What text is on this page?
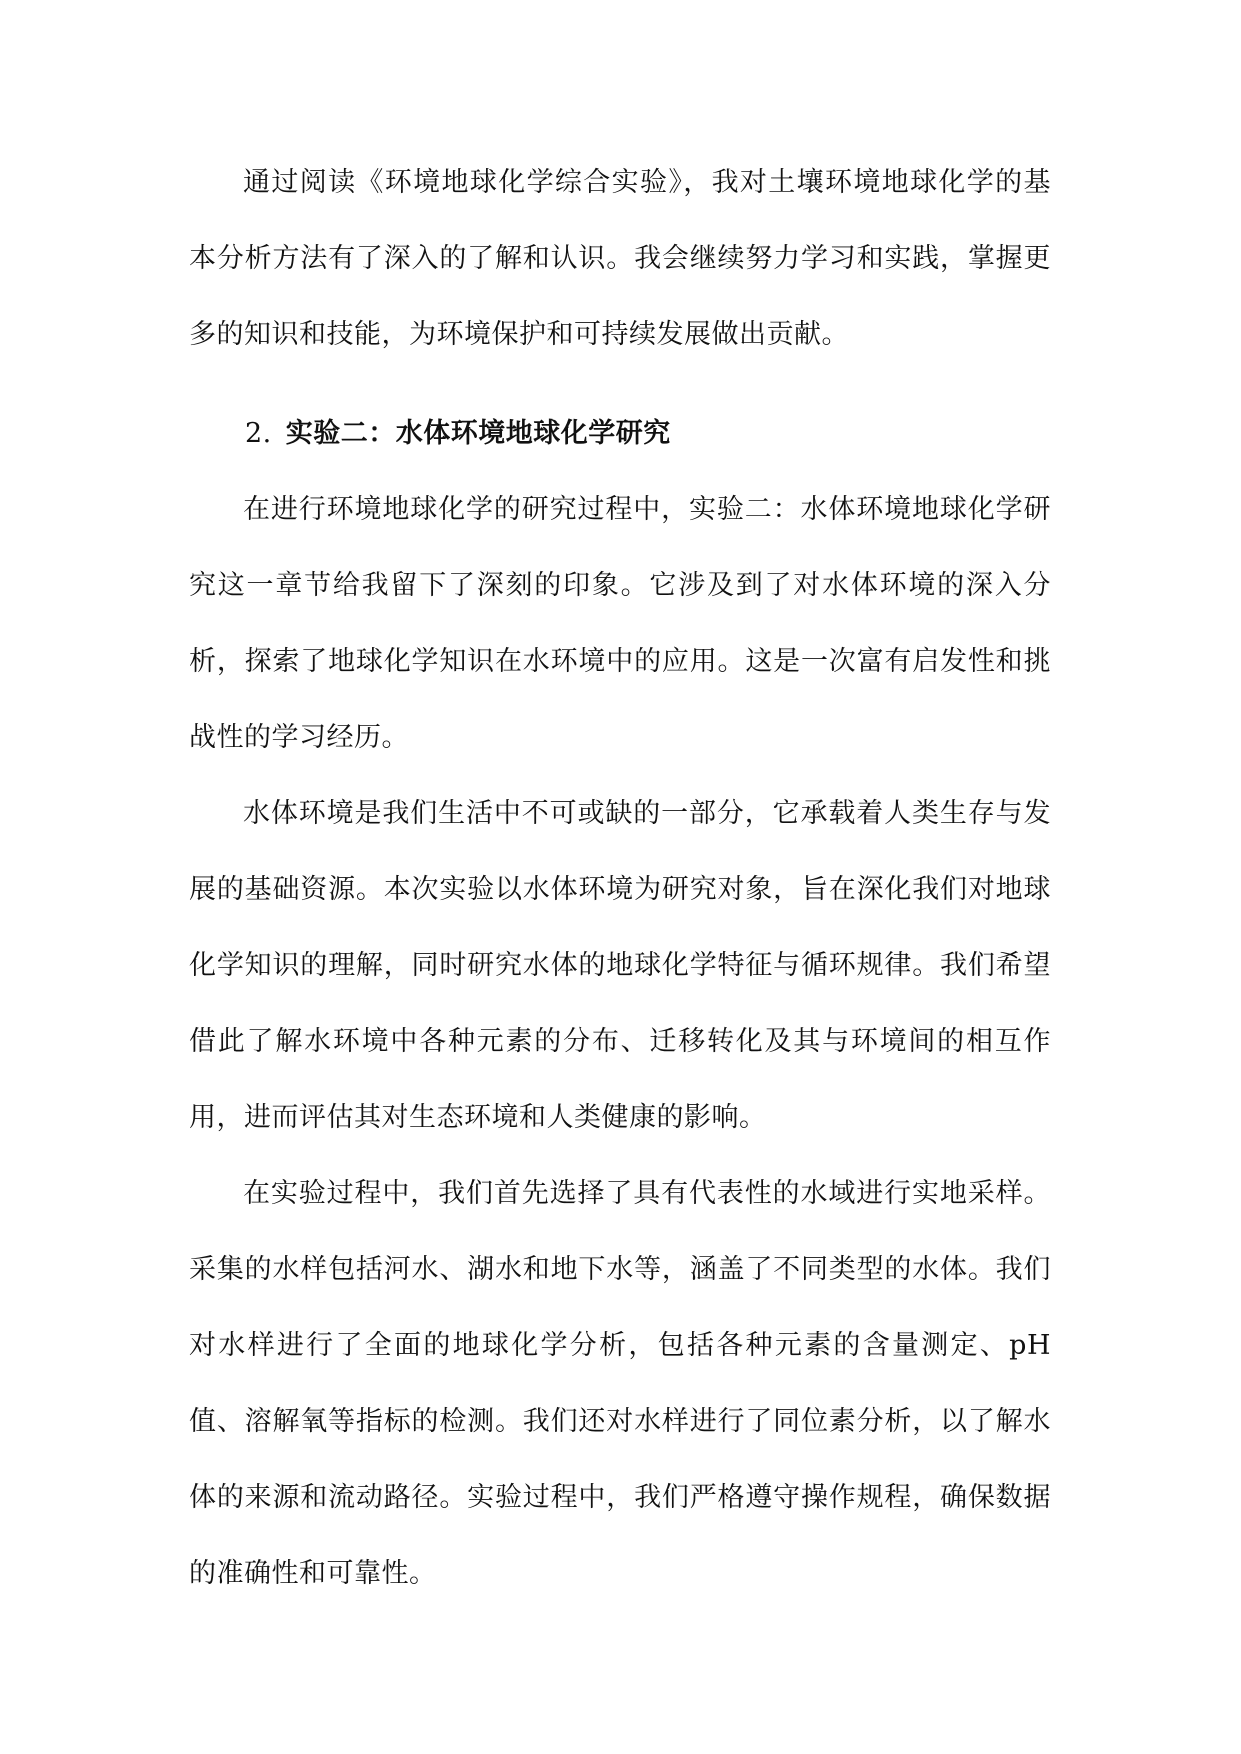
通过阅读《环境地球化学综合实验》，我对土壤环境地球化学的基本分析方法有了深入的了解和认识。我会继续努力学习和实践，掌握更多的知识和技能，为环境保护和可持续发展做出贡献。

2. 实验二：水体环境地球化学研究

在进行环境地球化学的研究过程中，实验二：水体环境地球化学研究这一章节给我留下了深刻的印象。它涉及到了对水体环境的深入分析，探索了地球化学知识在水环境中的应用。这是一次富有启发性和挑战性的学习经历。

水体环境是我们生活中不可或缺的一部分，它承载着人类生存与发展的基础资源。本次实验以水体环境为研究对象，旨在深化我们对地球化学知识的理解，同时研究水体的地球化学特征与循环规律。我们希望借此了解水环境中各种元素的分布、迁移转化及其与环境间的相互作用，进而评估其对生态环境和人类健康的影响。

在实验过程中，我们首先选择了具有代表性的水域进行实地采样。采集的水样包括河水、湖水和地下水等，涵盖了不同类型的水体。我们对水样进行了全面的地球化学分析，包括各种元素的含量测定、pH值、溶解氧等指标的检测。我们还对水样进行了同位素分析，以了解水体的来源和流动路径。实验过程中，我们严格遵守操作规程，确保数据的准确性和可靠性。
